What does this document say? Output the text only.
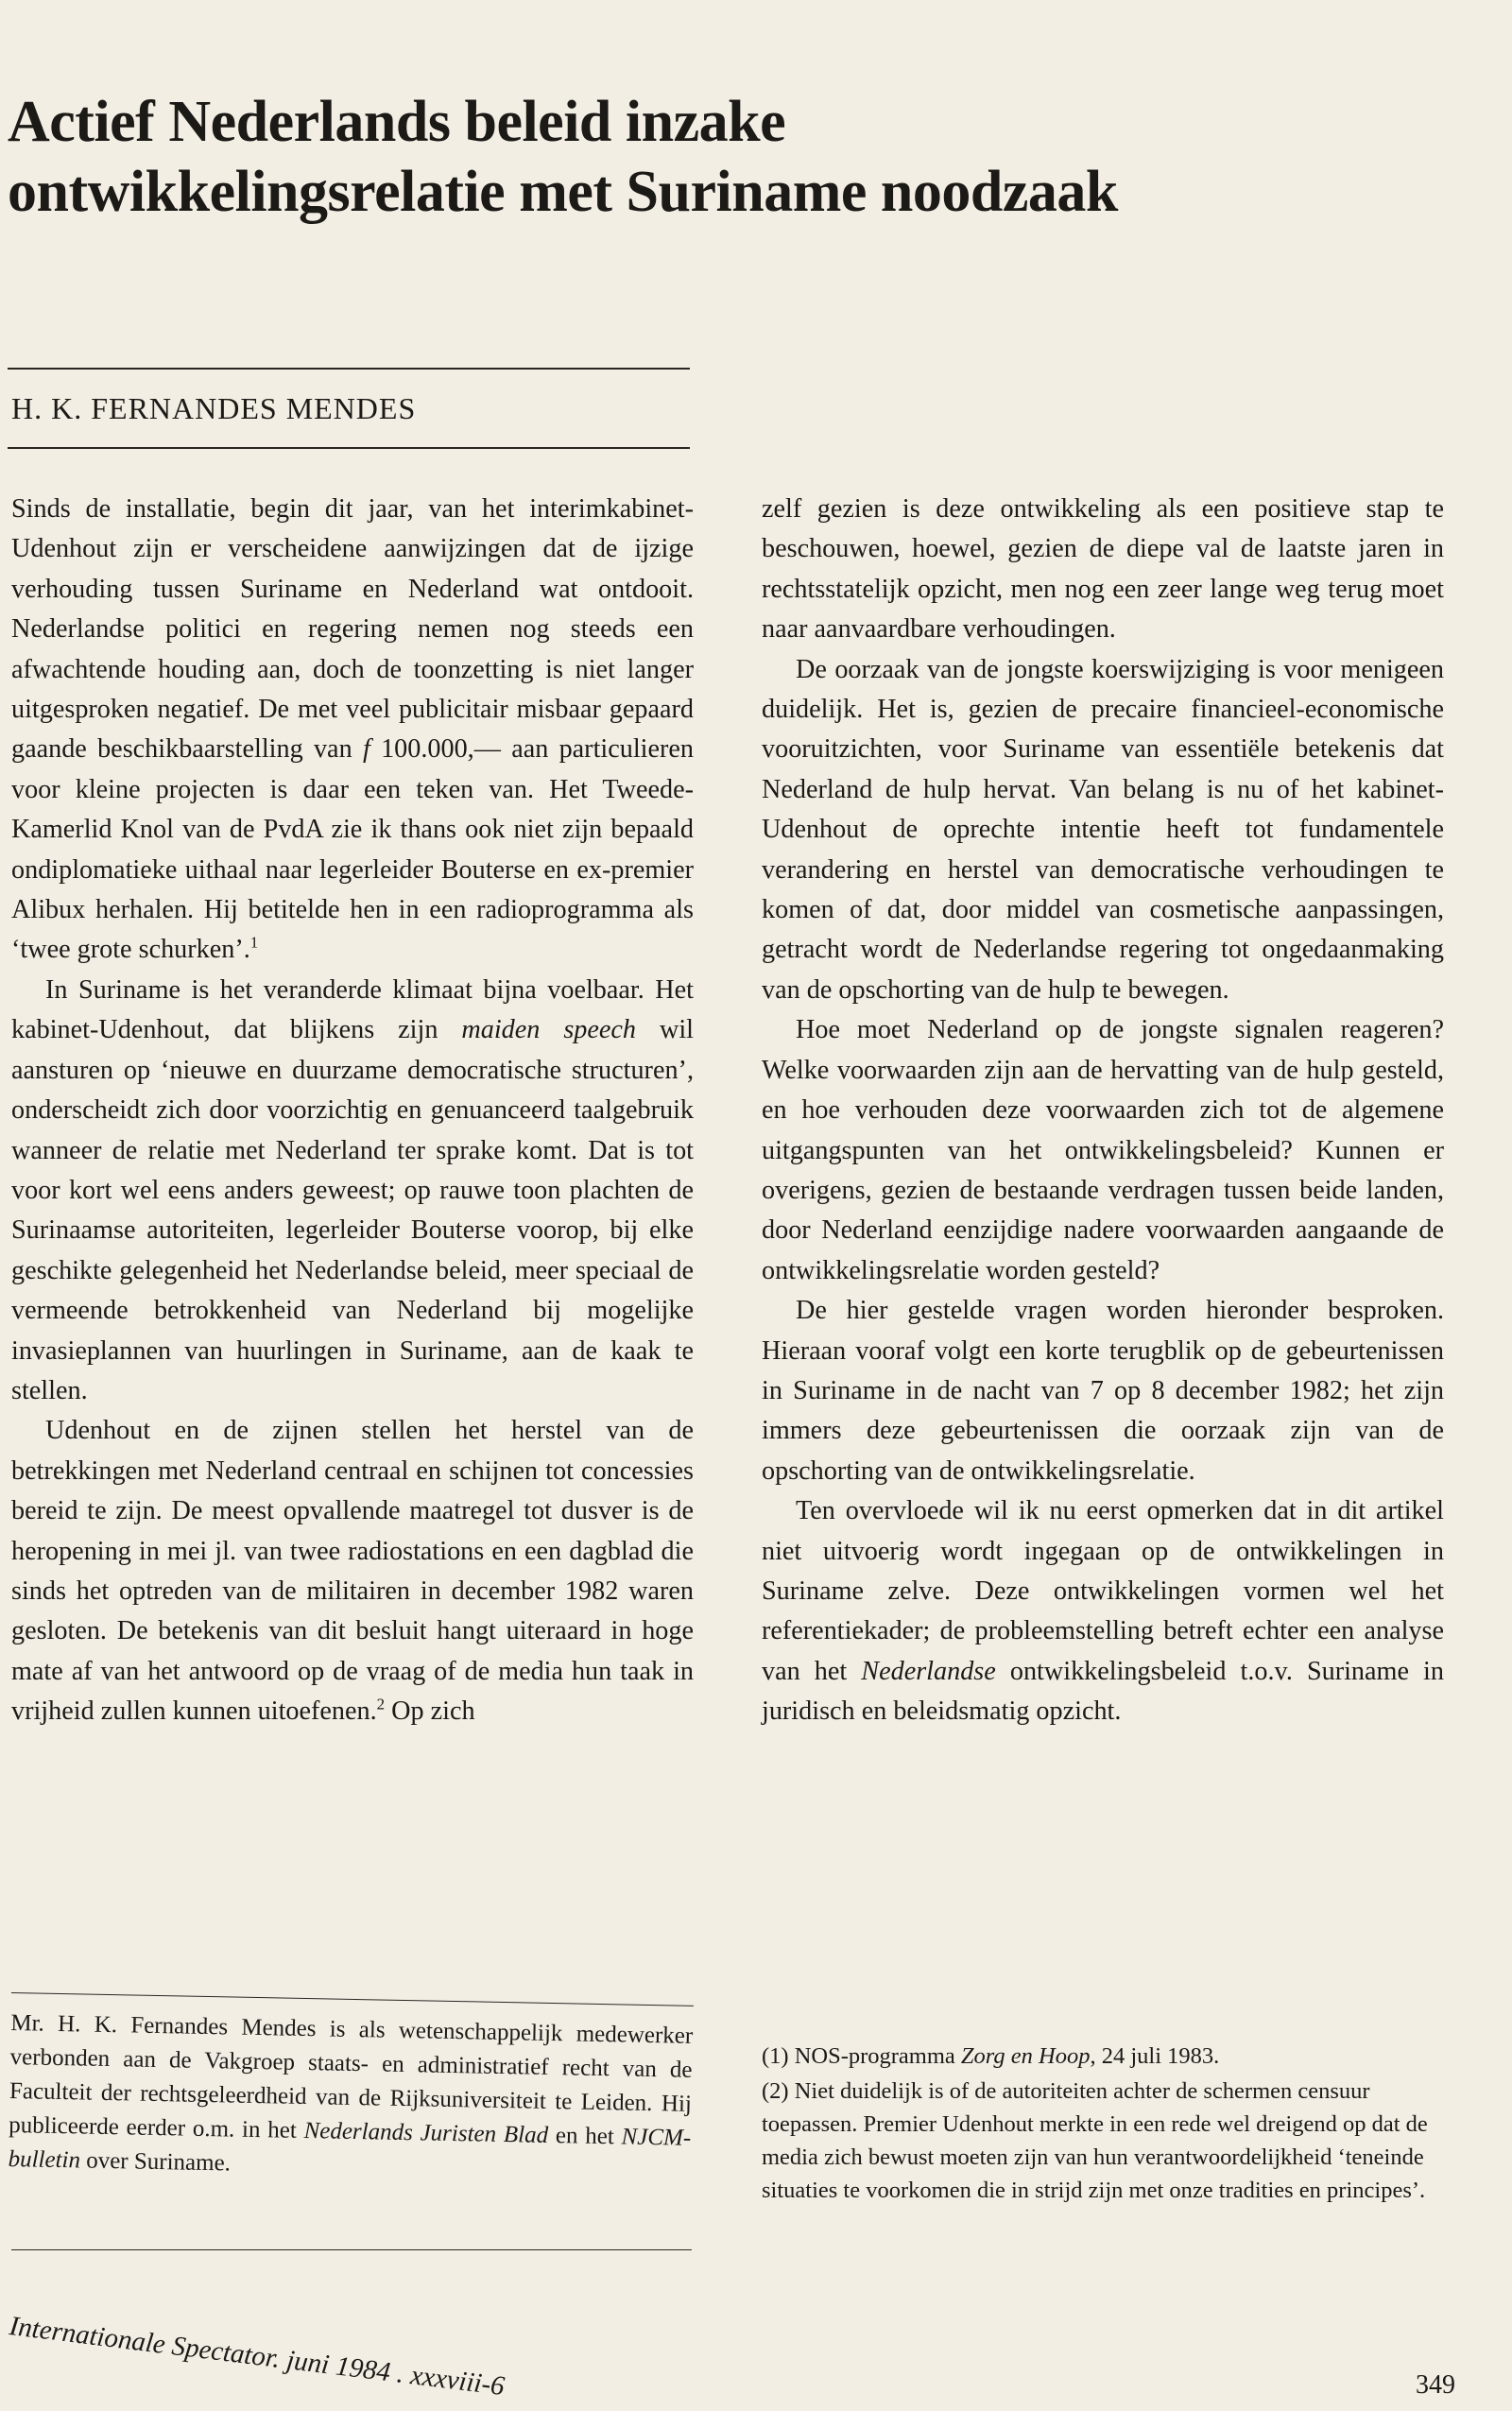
Actief Nederlands beleid inzake
ontwikkelingsrelatie met Suriname noodzaak

H. K. FERNANDES MENDES

Sinds de installatie, begin dit jaar, van het interimkabinet-Udenhout zijn er verscheidene aanwijzingen dat de ijzige verhouding tussen Suriname en Nederland wat ontdooit. Nederlandse politici en regering nemen nog steeds een afwachtende houding aan, doch de toonzetting is niet langer uitgesproken negatief. De met veel publicitair misbaar gepaard gaande beschikbaarstelling van f 100.000,— aan particulieren voor kleine projecten is daar een teken van. Het Tweede-Kamerlid Knol van de PvdA zie ik thans ook niet zijn bepaald ondiplomatieke uithaal naar legerleider Bouterse en ex-premier Alibux herhalen. Hij betitelde hen in een radioprogramma als ‘twee grote schurken’.$^1$

In Suriname is het veranderde klimaat bijna voelbaar. Het kabinet-Udenhout, dat blijkens zijn maiden speech wil aansturen op ‘nieuwe en duurzame democratische structuren’, onderscheidt zich door voorzichtig en genuanceerd taalgebruik wanneer de relatie met Nederland ter sprake komt. Dat is tot voor kort wel eens anders geweest; op rauwe toon plachten de Surinaamse autoriteiten, legerleider Bouterse voorop, bij elke geschikte gelegenheid het Nederlandse beleid, meer speciaal de vermeende betrokkenheid van Nederland bij mogelijke invasieplannen van huurlingen in Suriname, aan de kaak te stellen.

Udenhout en de zijnen stellen het herstel van de betrekkingen met Nederland centraal en schijnen tot concessies bereid te zijn. De meest opvallende maatregel tot dusver is de heropening in mei jl. van twee radiostations en een dagblad die sinds het optreden van de militairen in december 1982 waren gesloten. De betekenis van dit besluit hangt uiteraard in hoge mate af van het antwoord op de vraag of de media hun taak in vrijheid zullen kunnen uitoefenen.$^2$ Op zich

zelf gezien is deze ontwikkeling als een positieve stap te beschouwen, hoewel, gezien de diepe val de laatste jaren in rechtsstatelijk opzicht, men nog een zeer lange weg terug moet naar aanvaardbare verhoudingen.

De oorzaak van de jongste koerswijziging is voor menigeen duidelijk. Het is, gezien de precaire financieel-economische vooruitzichten, voor Suriname van essentiële betekenis dat Nederland de hulp hervat. Van belang is nu of het kabinet-Udenhout de oprechte intentie heeft tot fundamentele verandering en herstel van democratische verhoudingen te komen of dat, door middel van cosmetische aanpassingen, getracht wordt de Nederlandse regering tot ongedaanmaking van de opschorting van de hulp te bewegen.

Hoe moet Nederland op de jongste signalen reageren? Welke voorwaarden zijn aan de hervatting van de hulp gesteld, en hoe verhouden deze voorwaarden zich tot de algemene uitgangspunten van het ontwikkelingsbeleid? Kunnen er overigens, gezien de bestaande verdragen tussen beide landen, door Nederland eenzijdige nadere voorwaarden aangaande de ontwikkelingsrelatie worden gesteld?

De hier gestelde vragen worden hieronder besproken. Hieraan vooraf volgt een korte terugblik op de gebeurtenissen in Suriname in de nacht van 7 op 8 december 1982; het zijn immers deze gebeurtenissen die oorzaak zijn van de opschorting van de ontwikkelingsrelatie.

Ten overvloede wil ik nu eerst opmerken dat in dit artikel niet uitvoerig wordt ingegaan op de ontwikkelingen in Suriname zelve. Deze ontwikkelingen vormen wel het referentiekader; de probleemstelling betreft echter een analyse van het Nederlandse ontwikkelingsbeleid t.o.v. Suriname in juridisch en beleidsmatig opzicht.

Mr. H. K. Fernandes Mendes is als wetenschappelijk medewerker verbonden aan de Vakgroep staats- en administratief recht van de Faculteit der rechtsgeleerdheid van de Rijksuniversiteit te Leiden. Hij publiceerde eerder o.m. in het Nederlands Juristen Blad en het NJCM-bulletin over Suriname.

(1) NOS-programma Zorg en Hoop, 24 juli 1983.

(2) Niet duidelijk is of de autoriteiten achter de schermen censuur toepassen. Premier Udenhout merkte in een rede wel dreigend op dat de media zich bewust moeten zijn van hun verantwoordelijkheid ‘teneinde situaties te voorkomen die in strijd zijn met onze tradities en principes’.

Internationale Spectator. juni 1984 . xxxviii-6	349
